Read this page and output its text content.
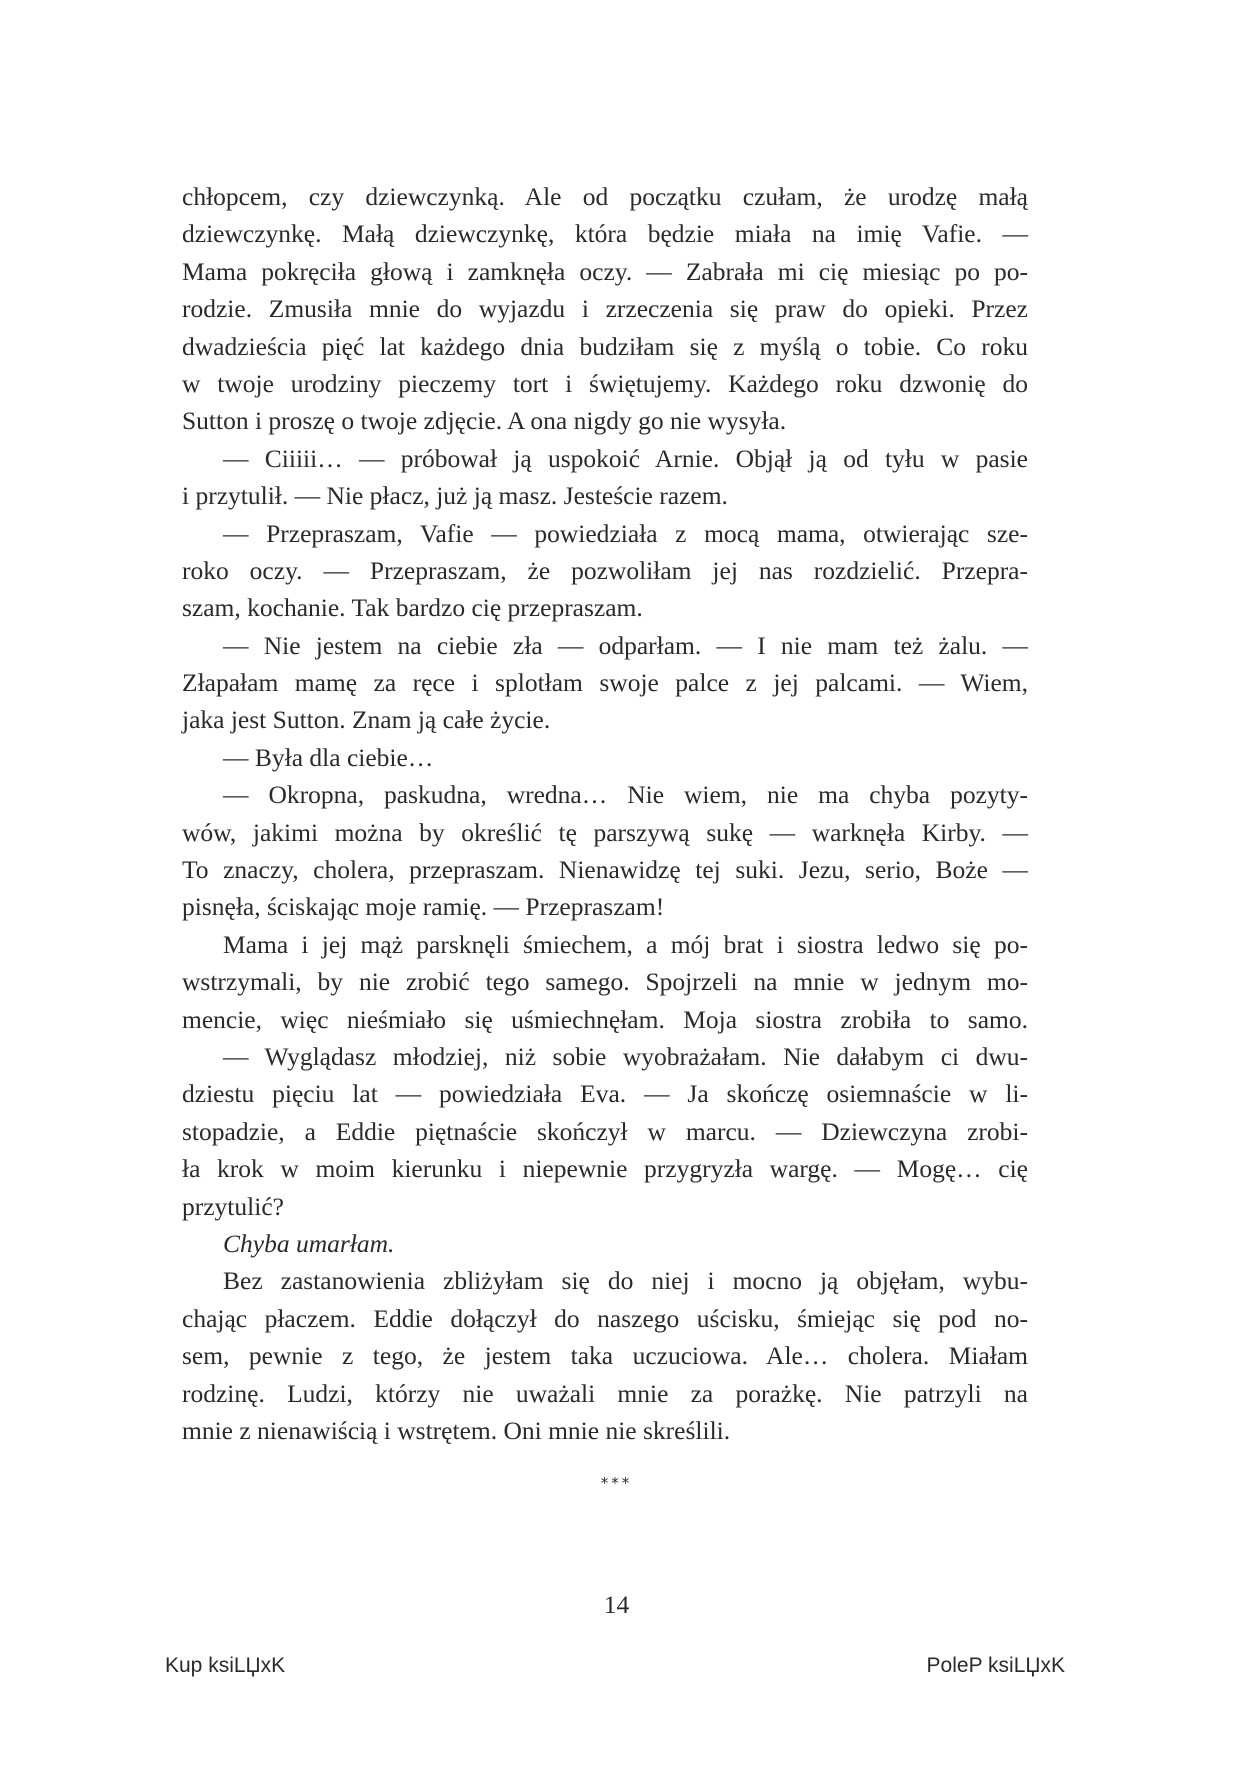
chłopcem, czy dziewczynką. Ale od początku czułam, że urodzę małą
dziewczynkę. Małą dziewczynkę, która będzie miała na imię Vafie. —
Mama pokręciła głową i zamknęła oczy. — Zabrała mi cię miesiąc po po-
rodzie. Zmusiła mnie do wyjazdu i zrzeczenia się praw do opieki. Przez
dwadzieścia pięć lat każdego dnia budziłam się z myślą o tobie. Co roku
w twoje urodziny pieczemy tort i świętujemy. Każdego roku dzwonię do
Sutton i proszę o twoje zdjęcie. A ona nigdy go nie wysyła.
— Ciiiii… — próbował ją uspokoić Arnie. Objął ją od tyłu w pasie
i przytulił. — Nie płacz, już ją masz. Jesteście razem.
— Przepraszam, Vafie — powiedziała z mocą mama, otwierając sze-
roko oczy. — Przepraszam, że pozwoliłam jej nas rozdzielić. Przepra-
szam, kochanie. Tak bardzo cię przepraszam.
— Nie jestem na ciebie zła — odparłam. — I nie mam też żalu. —
Złapałam mamę za ręce i splotłam swoje palce z jej palcami. — Wiem,
jaka jest Sutton. Znam ją całe życie.
— Była dla ciebie…
— Okropna, paskudna, wredna… Nie wiem, nie ma chyba pozyty-
wów, jakimi można by określić tę parszywą sukę — warknęła Kirby. —
To znaczy, cholera, przepraszam. Nienawidzę tej suki. Jezu, serio, Boże —
pisnęła, ściskając moje ramię. — Przepraszam!
Mama i jej mąż parsknęli śmiechem, a mój brat i siostra ledwo się po-
wstrzymali, by nie zrobić tego samego. Spojrzeli na mnie w jednym mo-
mencie, więc nieśmiało się uśmiechnęłam. Moja siostra zrobiła to samo.
— Wyglądasz młodziej, niż sobie wyobrażałam. Nie dałabym ci dwu-
dziestu pięciu lat — powiedziała Eva. — Ja skończę osiemnaście w li-
stopadzie, a Eddie piętnaście skończył w marcu. — Dziewczyna zrobi-
ła krok w moim kierunku i niepewnie przygryzła wargę. — Mogę… cię
przytulić?
Chyba umarłam.
Bez zastanowienia zbliżyłam się do niej i mocno ją objęłam, wybu-
chając płaczem. Eddie dołączył do naszego uścisku, śmiejąc się pod no-
sem, pewnie z tego, że jestem taka uczuciowa. Ale… cholera. Miałam
rodzinę. Ludzi, którzy nie uważali mnie za porażkę. Nie patrzyli na
mnie z nienawiścią i wstrętem. Oni mnie nie skreślili.
***
14
Kup ksiLЏxK	PoleP ksiLЏxK
